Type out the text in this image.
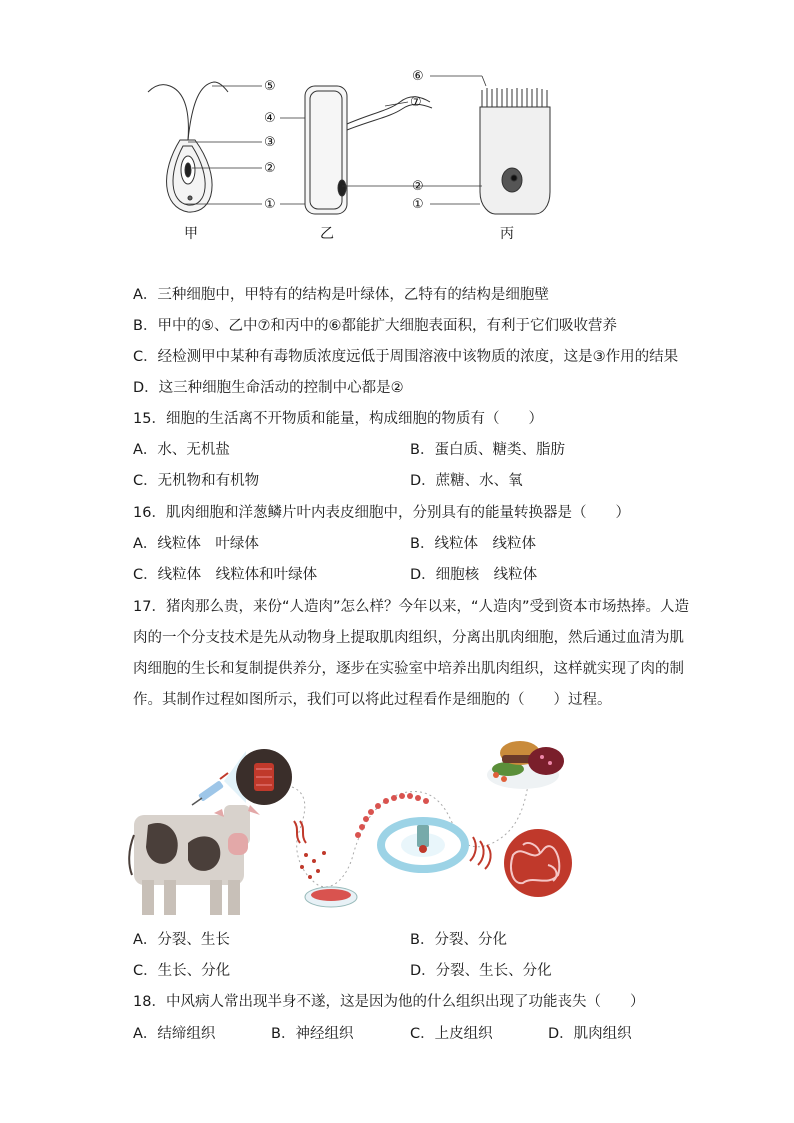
⑤
④
③
②
①
⑦
⑥
②
①
甲	乙	丙
A．三种细胞中，甲特有的结构是叶绿体，乙特有的结构是细胞壁
B．甲中的⑤、乙中⑦和丙中的⑥都能扩大细胞表面积，有利于它们吸收营养
C．经检测甲中某种有毒物质浓度远低于周围溶液中该物质的浓度，这是③作用的结果
D．这三种细胞生命活动的控制中心都是②
15．细胞的生活离不开物质和能量，构成细胞的物质有（　　）
A．水、无机盐	B．蛋白质、糖类、脂肪
C．无机物和有机物	D．蔗糖、水、氧
16．肌肉细胞和洋葱鳞片叶内表皮细胞中，分别具有的能量转换器是（　　）
A．线粒体　叶绿体	B．线粒体　线粒体
C．线粒体　线粒体和叶绿体	D．细胞核　线粒体
17．猪肉那么贵，来份“人造肉”怎么样？今年以来，“人造肉”受到资本市场热捧。人造
肉的一个分支技术是先从动物身上提取肌肉组织，分离出肌肉细胞，然后通过血清为肌
肉细胞的生长和复制提供养分，逐步在实验室中培养出肌肉组织，这样就实现了肉的制
作。其制作过程如图所示，我们可以将此过程看作是细胞的（　　）过程。
A．分裂、生长	B．分裂、分化
C．生长、分化	D．分裂、生长、分化
18．中风病人常出现半身不遂，这是因为他的什么组织出现了功能丧失（　　）
A．结缔组织	B．神经组织	C．上皮组织	D．肌肉组织
